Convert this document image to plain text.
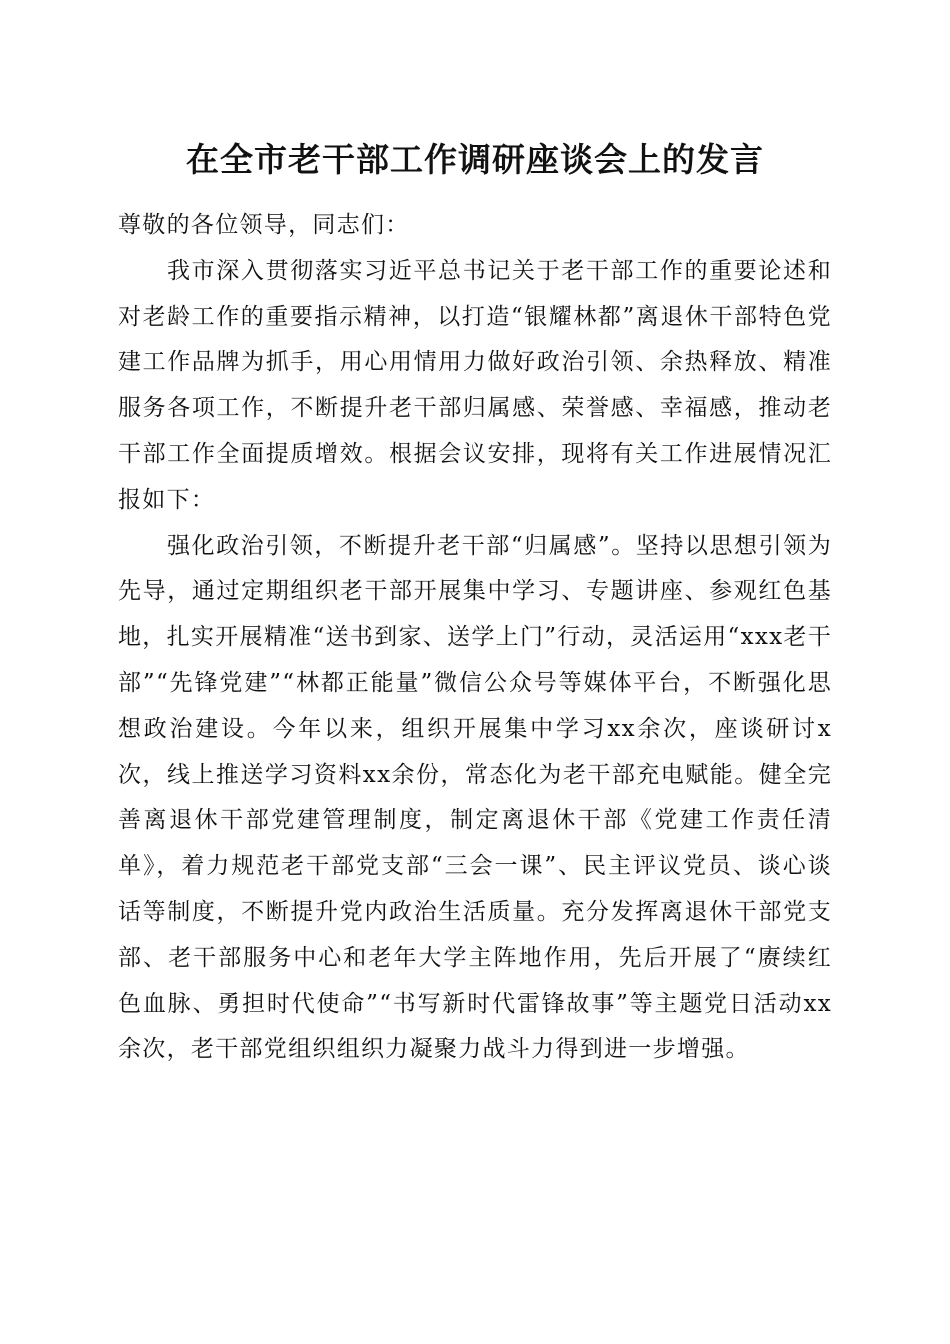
在全市老干部工作调研座谈会上的发言

尊敬的各位领导，同志们：

我市深入贯彻落实习近平总书记关于老干部工作的重要论述和对老龄工作的重要指示精神，以打造“银耀林都”离退休干部特色党建工作品牌为抓手，用心用情用力做好政治引领、余热释放、精准服务各项工作，不断提升老干部归属感、荣誉感、幸福感，推动老干部工作全面提质增效。根据会议安排，现将有关工作进展情况汇报如下：

强化政治引领，不断提升老干部“归属感”。坚持以思想引领为先导，通过定期组织老干部开展集中学习、专题讲座、参观红色基地，扎实开展精准“送书到家、送学上门”行动，灵活运用“xxx老干部”“先锋党建”“林都正能量”微信公众号等媒体平台，不断强化思想政治建设。今年以来，组织开展集中学习xx余次，座谈研讨x次，线上推送学习资料xx余份，常态化为老干部充电赋能。健全完善离退休干部党建管理制度，制定离退休干部《党建工作责任清单》，着力规范老干部党支部“三会一课”、民主评议党员、谈心谈话等制度，不断提升党内政治生活质量。充分发挥离退休干部党支部、老干部服务中心和老年大学主阵地作用，先后开展了“赓续红色血脉、勇担时代使命”“书写新时代雷锋故事”等主题党日活动xx余次，老干部党组织组织力凝聚力战斗力得到进一步增强。
